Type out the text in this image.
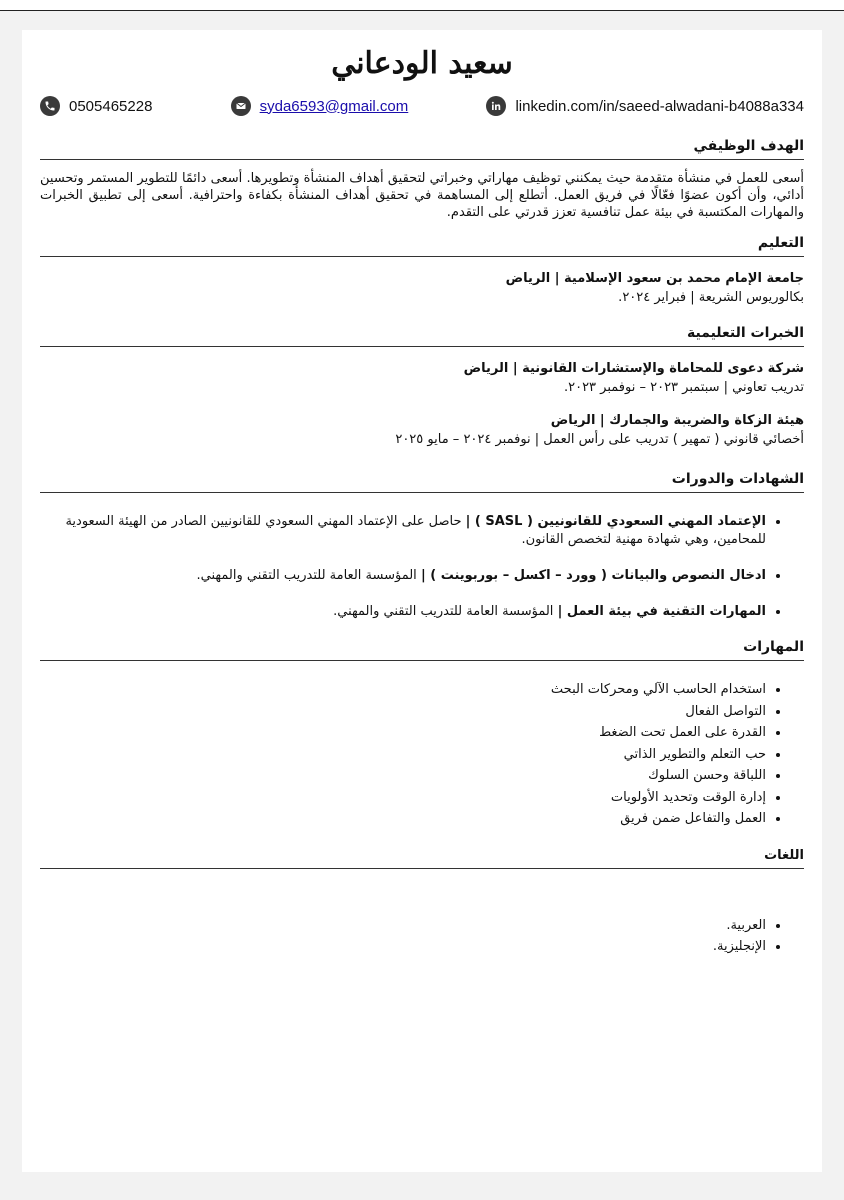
سعيد الودعاني
0505465228	syda6593@gmail.com	linkedin.com/in/saeed-alwadani-b4088a334
الهدف الوظيفي
أسعى للعمل في منشأة متقدمة حيث يمكنني توظيف مهاراتي وخبراتي لتحقيق أهداف المنشأة وتطويرها. أسعى دائمًا للتطوير المستمر وتحسين أدائي، وأن أكون عضوًا فعّالًا في فريق العمل. أتطلع إلى المساهمة في تحقيق أهداف المنشأة بكفاءة واحترافية. أسعى إلى تطبيق الخبرات والمهارات المكتسبة في بيئة عمل تنافسية تعزز قدرتي على التقدم.
التعليم
جامعة الإمام محمد بن سعود الإسلامية | الرياض
بكالوريوس الشريعة | فبراير ٢٠٢٤.
الخبرات التعليمية
شركة دعوى للمحاماة والإستشارات القانونية | الرياض
تدريب تعاوني | سبتمبر ٢٠٢٣ – نوفمبر ٢٠٢٣.
هيئة الزكاة والضريبة والجمارك | الرياض
أخصائي قانوني ( تمهير ) تدريب على رأس العمل | نوفمبر ٢٠٢٤ – مايو ٢٠٢٥
الشهادات والدورات
• الإعتماد المهني السعودي للقانونيين ( SASL ) | حاصل على الإعتماد المهني السعودي للقانونيين الصادر من الهيئة السعودية للمحامين، وهي شهادة مهنية لتخصص القانون.
• ادخال النصوص والبيانات ( وورد – اكسل – بوربوينت ) | المؤسسة العامة للتدريب التقني والمهني.
• المهارات التقنية في بيئة العمل | المؤسسة العامة للتدريب التقني والمهني.
المهارات
• استخدام الحاسب الآلي ومحركات البحث
• التواصل الفعال
• القدرة على العمل تحت الضغط
• حب التعلم والتطوير الذاتي
• اللباقة وحسن السلوك
• إدارة الوقت وتحديد الأولويات
• العمل والتفاعل ضمن فريق
اللغات
• العربية.
• الإنجليزية.
